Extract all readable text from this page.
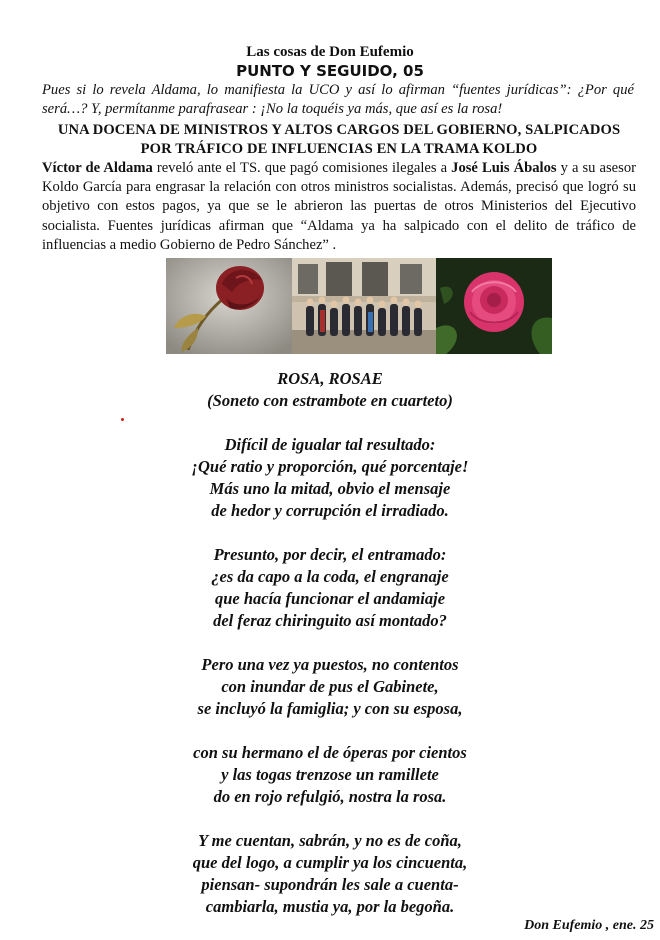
Las cosas de Don Eufemio
PUNTO Y SEGUIDO, 05
Pues si lo revela Aldama, lo manifiesta la UCO y así lo afirman “fuentes jurídicas”: ¿Por qué será…? Y, permítanme parafrasear : ¡No la toquéis ya más, que así es la rosa!
UNA DOCENA DE MINISTROS Y ALTOS CARGOS DEL GOBIERNO, SALPICADOS
POR TRÁFICO DE INFLUENCIAS EN LA TRAMA KOLDO
Víctor de Aldama reveló ante el TS. que pagó comisiones ilegales a José Luis Ábalos y a su asesor Koldo García para engrasar la relación con otros ministros socialistas. Además, precisó que logró su objetivo con estos pagos, ya que se le abrieron las puertas de otros Ministerios del Ejecutivo socialista. Fuentes jurídicas afirman que “Aldama ya ha salpicado con el delito de tráfico de influencias a medio Gobierno de Pedro Sánchez” .
ROSA, ROSAE
(Soneto con estrambote en cuarteto)
Difícil de igualar tal resultado:
¡Qué ratio y proporción, qué porcentaje!
Más uno la mitad, obvio el mensaje
de hedor y corrupción el irradiado.
Presunto, por decir, el entramado:
¿es da capo a la coda, el engranaje
que hacía funcionar el andamiaje
del feraz chiringuito así montado?
Pero una vez ya puestos, no contentos
con inundar de pus el Gabinete,
se incluyó la famiglia; y con su esposa,
con su hermano el de óperas por cientos
y las togas trenzose un ramillete
do en rojo refulgió, nostra la rosa.
Y me cuentan, sabrán, y no es de coña,
que del logo, a cumplir ya los cincuenta,
piensan- supondrán les sale a cuenta-
cambiarla, mustia ya, por la begoña.
Don Eufemio , ene. 25
